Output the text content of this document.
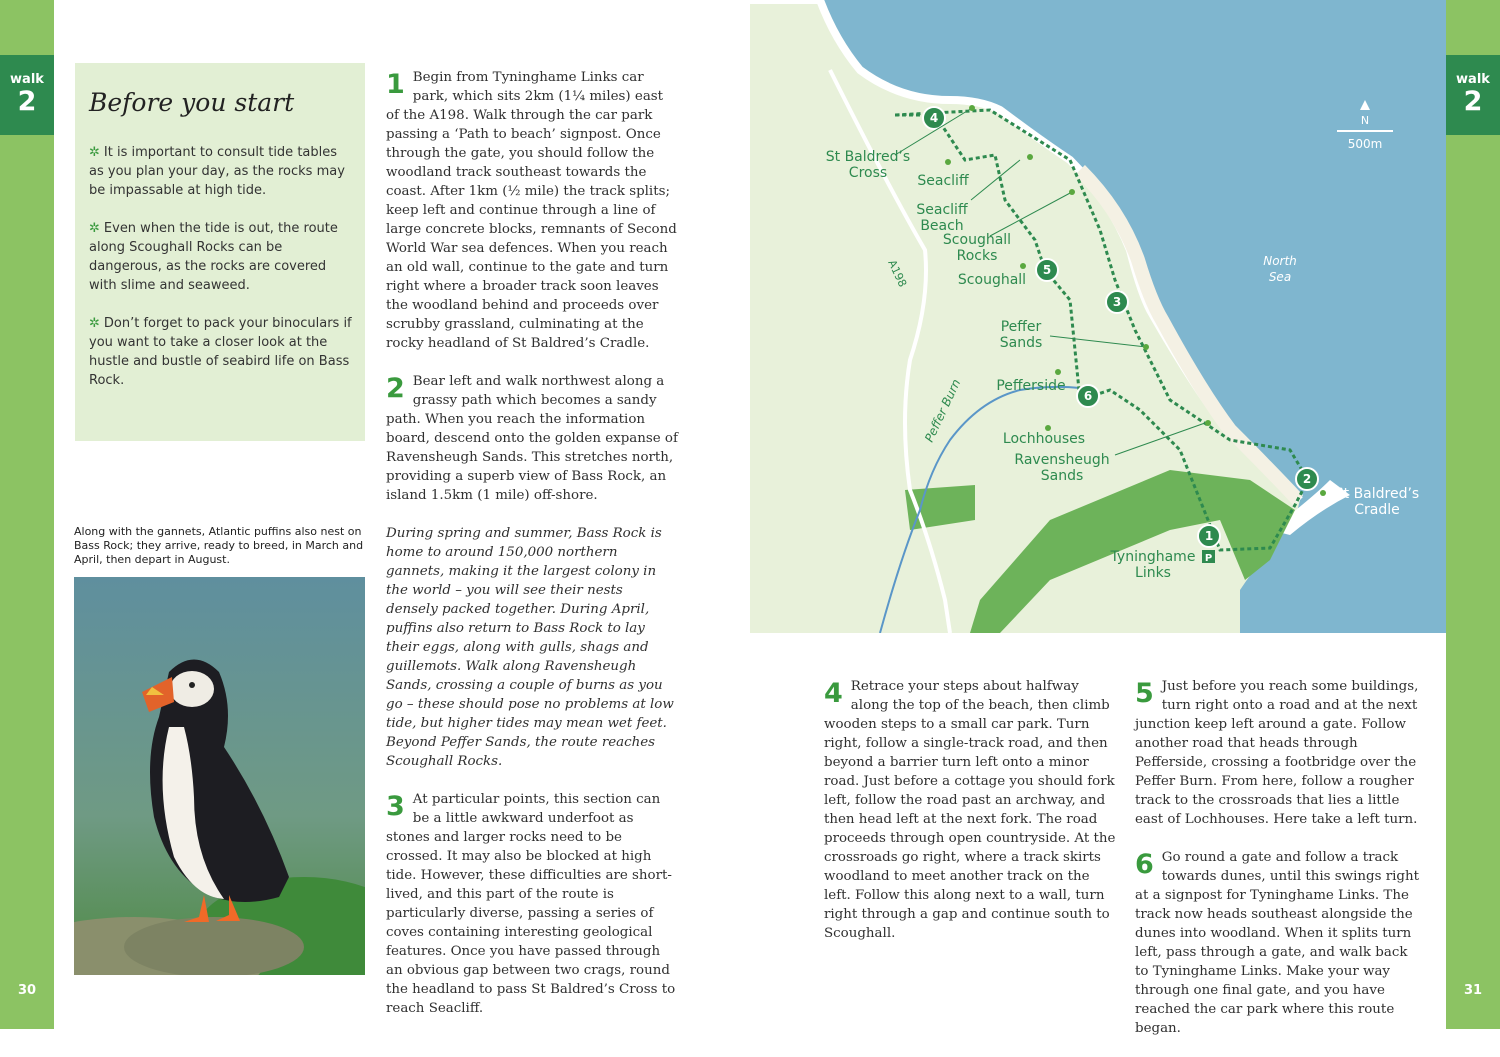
walk
2
30
Before you start

✲ It is important to consult tide tables as you plan your day, as the rocks may be impassable at high tide.

✲ Even when the tide is out, the route along Scoughall Rocks can be dangerous, as the rocks are covered with slime and seaweed.

✲ Don’t forget to pack your binoculars if you want to take a closer look at the hustle and bustle of seabird life on Bass Rock.

Along with the gannets, Atlantic puffins also nest on Bass Rock; they arrive, ready to breed, in March and April, then depart in August.

1 Begin from Tyninghame Links car park, which sits 2km (1¼ miles) east of the A198. Walk through the car park passing a ‘Path to beach’ signpost. Once through the gate, you should follow the woodland track southeast towards the coast. After 1km (½ mile) the track splits; keep left and continue through a line of large concrete blocks, remnants of Second World War sea defences. When you reach an old wall, continue to the gate and turn right where a broader track soon leaves the woodland behind and proceeds over scrubby grassland, culminating at the rocky headland of St Baldred’s Cradle.

2 Bear left and walk northwest along a grassy path which becomes a sandy path. When you reach the information board, descend onto the golden expanse of Ravensheugh Sands. This stretches north, providing a superb view of Bass Rock, an island 1.5km (1 mile) off-shore.

During spring and summer, Bass Rock is home to around 150,000 northern gannets, making it the largest colony in the world – you will see their nests densely packed together. During April, puffins also return to Bass Rock to lay their eggs, along with gulls, shags and guillemots. Walk along Ravensheugh Sands, crossing a couple of burns as you go – these should pose no problems at low tide, but higher tides may mean wet feet. Beyond Peffer Sands, the route reaches Scoughall Rocks.

3 At particular points, this section can be a little awkward underfoot as stones and larger rocks need to be crossed. It may also be blocked at high tide. However, these difficulties are short-lived, and this part of the route is particularly diverse, passing a series of coves containing interesting geological features. Once you have passed through an obvious gap between two crags, round the headland to pass St Baldred’s Cross to reach Seacliff.

4
5
3
6
2
1
P
St Baldred’s
Cross Seacliff
Seacliff
Beach
Scoughall
Rocks
Scoughall
Peffer
Sands
Pefferside
Lochhouses
Ravensheugh
Sands
Tyninghame
Links
St Baldred’s
Cradle
North
Sea
A198
Peffer Burn
N
500m
walk
2
31

4 Retrace your steps about halfway along the top of the beach, then climb wooden steps to a small car park. Turn right, follow a single-track road, and then beyond a barrier turn left onto a minor road. Just before a cottage you should fork left, follow the road past an archway, and then head left at the next fork. The road proceeds through open countryside. At the crossroads go right, where a track skirts woodland to meet another track on the left. Follow this along next to a wall, turn right through a gap and continue south to Scoughall.

5 Just before you reach some buildings, turn right onto a road and at the next junction keep left around a gate. Follow another road that heads through Pefferside, crossing a footbridge over the Peffer Burn. From here, follow a rougher track to the crossroads that lies a little east of Lochhouses. Here take a left turn.

6 Go round a gate and follow a track towards dunes, until this swings right at a signpost for Tyninghame Links. The track now heads southeast alongside the dunes into woodland. When it splits turn left, pass through a gate, and walk back to Tyninghame Links. Make your way through one final gate, and you have reached the car park where this route began.
